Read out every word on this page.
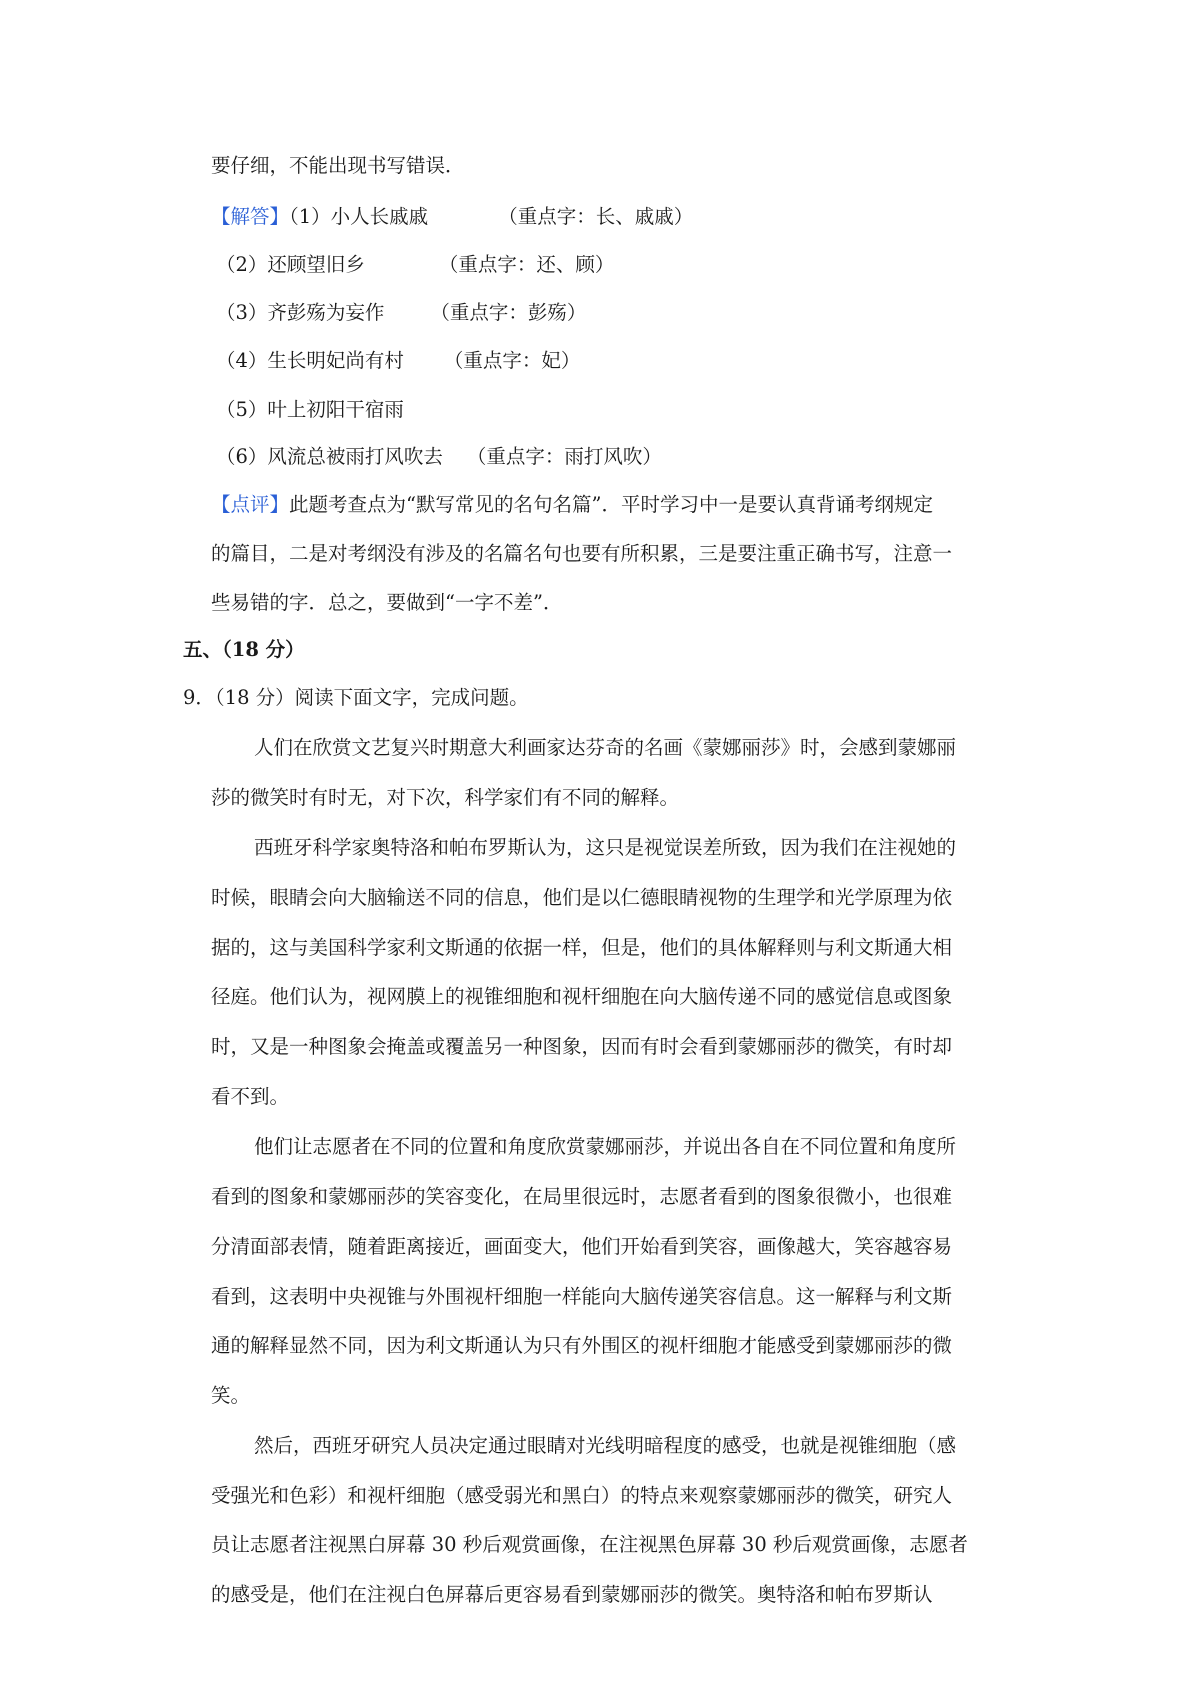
要仔细，不能出现书写错误．
【解答】（1）小人长戚戚	（重点字：长、戚戚）
（2）还顾望旧乡	（重点字：还、顾）
（3）齐彭殇为妄作 （重点字：彭殇）
（4）生长明妃尚有村 （重点字：妃）
（5）叶上初阳干宿雨
（6）风流总被雨打风吹去 （重点字：雨打风吹）
【点评】此题考查点为“默写常见的名句名篇”．平时学习中一是要认真背诵考纲规定
的篇目，二是对考纲没有涉及的名篇名句也要有所积累，三是要注重正确书写，注意一
些易错的字．总之，要做到“一字不差”．
五、（18 分）
9．（18 分）阅读下面文字，完成问题。
人们在欣赏文艺复兴时期意大利画家达芬奇的名画《蒙娜丽莎》时，会感到蒙娜丽
莎的微笑时有时无，对下次，科学家们有不同的解释。
西班牙科学家奥特洛和帕布罗斯认为，这只是视觉误差所致，因为我们在注视她的
时候，眼睛会向大脑输送不同的信息，他们是以仁德眼睛视物的生理学和光学原理为依
据的，这与美国科学家利文斯通的依据一样，但是，他们的具体解释则与利文斯通大相
径庭。他们认为，视网膜上的视锥细胞和视杆细胞在向大脑传递不同的感觉信息或图象
时，又是一种图象会掩盖或覆盖另一种图象，因而有时会看到蒙娜丽莎的微笑，有时却
看不到。
他们让志愿者在不同的位置和角度欣赏蒙娜丽莎，并说出各自在不同位置和角度所
看到的图象和蒙娜丽莎的笑容变化，在局里很远时，志愿者看到的图象很微小，也很难
分清面部表情，随着距离接近，画面变大，他们开始看到笑容，画像越大，笑容越容易
看到，这表明中央视锥与外围视杆细胞一样能向大脑传递笑容信息。这一解释与利文斯
通的解释显然不同，因为利文斯通认为只有外围区的视杆细胞才能感受到蒙娜丽莎的微
笑。
然后，西班牙研究人员决定通过眼睛对光线明暗程度的感受，也就是视锥细胞（感
受强光和色彩）和视杆细胞（感受弱光和黑白）的特点来观察蒙娜丽莎的微笑，研究人
员让志愿者注视黑白屏幕 30 秒后观赏画像，在注视黑色屏幕 30 秒后观赏画像，志愿者
的感受是，他们在注视白色屏幕后更容易看到蒙娜丽莎的微笑。奥特洛和帕布罗斯认
